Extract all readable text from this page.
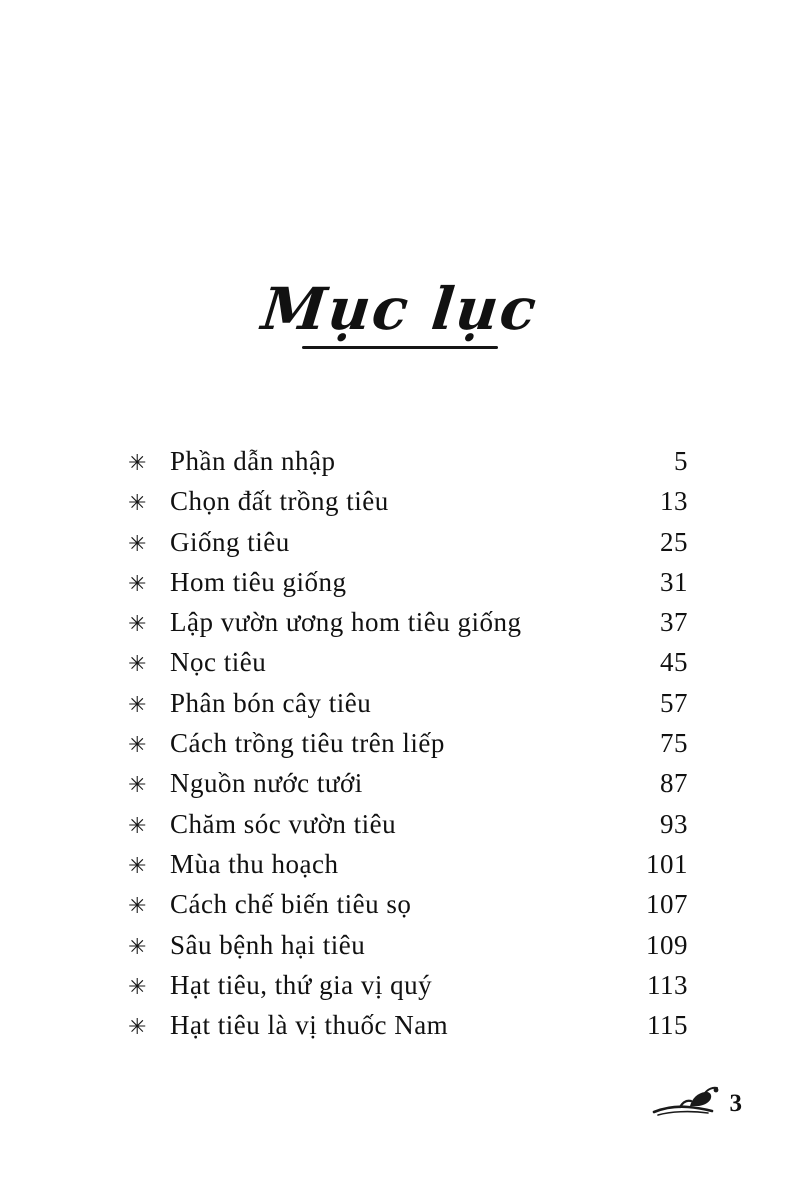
Mục lục
✳ Phần dẫn nhập	5
✳ Chọn đất trồng tiêu	13
✳ Giống tiêu	25
✳ Hom tiêu giống	31
✳ Lập vườn ương hom tiêu giống	37
✳ Nọc tiêu	45
✳ Phân bón cây tiêu	57
✳ Cách trồng tiêu trên liếp	75
✳ Nguồn nước tưới	87
✳ Chăm sóc vườn tiêu	93
✳ Mùa thu hoạch	101
✳ Cách chế biến tiêu sọ	107
✳ Sâu bệnh hại tiêu	109
✳ Hạt tiêu, thứ gia vị quý	113
✳ Hạt tiêu là vị thuốc Nam	115
3
